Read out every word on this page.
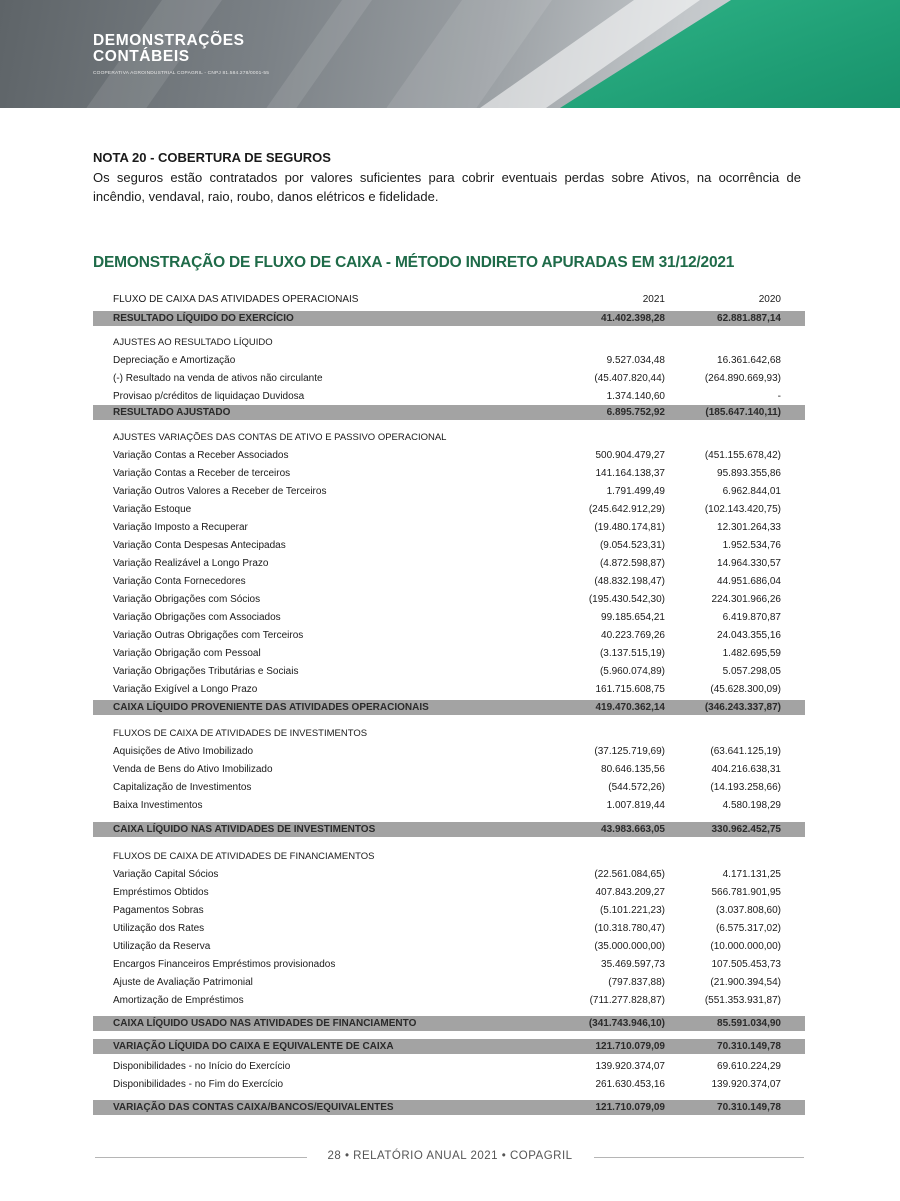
DEMONSTRAÇÕES
CONTÁBEIS
COOPERATIVA AGROINDUSTRIAL COPAGRIL - CNPJ 81.584.278/0001-55
NOTA 20 - COBERTURA DE SEGUROS
Os seguros estão contratados por valores suficientes para cobrir eventuais perdas sobre Ativos, na ocorrência de incêndio, vendaval, raio, roubo, danos elétricos e fidelidade.
DEMONSTRAÇÃO DE FLUXO DE CAIXA - MÉTODO INDIRETO APURADAS EM 31/12/2021
FLUXO DE CAIXA DAS ATIVIDADES OPERACIONAIS	2021	2020
RESULTADO LÍQUIDO DO EXERCÍCIO	41.402.398,28	62.881.887,14
AJUSTES AO RESULTADO LÍQUIDO
Depreciação e Amortização	9.527.034,48	16.361.642,68
(-) Resultado na venda de ativos não circulante	(45.407.820,44)	(264.890.669,93)
Provisao p/créditos de liquidaçao Duvidosa	1.374.140,60	-
RESULTADO AJUSTADO	6.895.752,92	(185.647.140,11)
AJUSTES VARIAÇÕES DAS CONTAS DE ATIVO E PASSIVO OPERACIONAL
Variação Contas a Receber Associados	500.904.479,27	(451.155.678,42)
Variação Contas a Receber de terceiros	141.164.138,37	95.893.355,86
Variação Outros Valores a Receber de Terceiros	1.791.499,49	6.962.844,01
Variação Estoque	(245.642.912,29)	(102.143.420,75)
Variação Imposto a Recuperar	(19.480.174,81)	12.301.264,33
Variação Conta Despesas Antecipadas	(9.054.523,31)	1.952.534,76
Variação Realizável a Longo Prazo	(4.872.598,87)	14.964.330,57
Variação Conta Fornecedores	(48.832.198,47)	44.951.686,04
Variação Obrigações com Sócios	(195.430.542,30)	224.301.966,26
Variação Obrigações com Associados	99.185.654,21	6.419.870,87
Variação Outras Obrigações com Terceiros	40.223.769,26	24.043.355,16
Variação Obrigação com Pessoal	(3.137.515,19)	1.482.695,59
Variação Obrigações Tributárias e Sociais	(5.960.074,89)	5.057.298,05
Variação Exigível a Longo Prazo	161.715.608,75	(45.628.300,09)
CAIXA LÍQUIDO PROVENIENTE DAS ATIVIDADES OPERACIONAIS	419.470.362,14	(346.243.337,87)
FLUXOS DE CAIXA DE ATIVIDADES DE INVESTIMENTOS
Aquisições de Ativo Imobilizado	(37.125.719,69)	(63.641.125,19)
Venda de Bens do Ativo Imobilizado	80.646.135,56	404.216.638,31
Capitalização de Investimentos	(544.572,26)	(14.193.258,66)
Baixa Investimentos	1.007.819,44	4.580.198,29
CAIXA LÍQUIDO NAS ATIVIDADES DE INVESTIMENTOS	43.983.663,05	330.962.452,75
FLUXOS DE CAIXA DE ATIVIDADES DE FINANCIAMENTOS
Variação Capital Sócios	(22.561.084,65)	4.171.131,25
Empréstimos Obtidos	407.843.209,27	566.781.901,95
Pagamentos Sobras	(5.101.221,23)	(3.037.808,60)
Utilização dos Rates	(10.318.780,47)	(6.575.317,02)
Utilização da Reserva	(35.000.000,00)	(10.000.000,00)
Encargos Financeiros Empréstimos provisionados	35.469.597,73	107.505.453,73
Ajuste de Avaliação Patrimonial	(797.837,88)	(21.900.394,54)
Amortização de Empréstimos	(711.277.828,87)	(551.353.931,87)
CAIXA LÍQUIDO USADO NAS ATIVIDADES DE FINANCIAMENTO	(341.743.946,10)	85.591.034,90
VARIAÇÃO LÍQUIDA DO CAIXA E EQUIVALENTE DE CAIXA	121.710.079,09	70.310.149,78
Disponibilidades - no Início do Exercício	139.920.374,07	69.610.224,29
Disponibilidades - no Fim do Exercício	261.630.453,16	139.920.374,07
VARIAÇÃO DAS CONTAS CAIXA/BANCOS/EQUIVALENTES	121.710.079,09	70.310.149,78
28 • RELATÓRIO ANUAL 2021 • COPAGRIL
